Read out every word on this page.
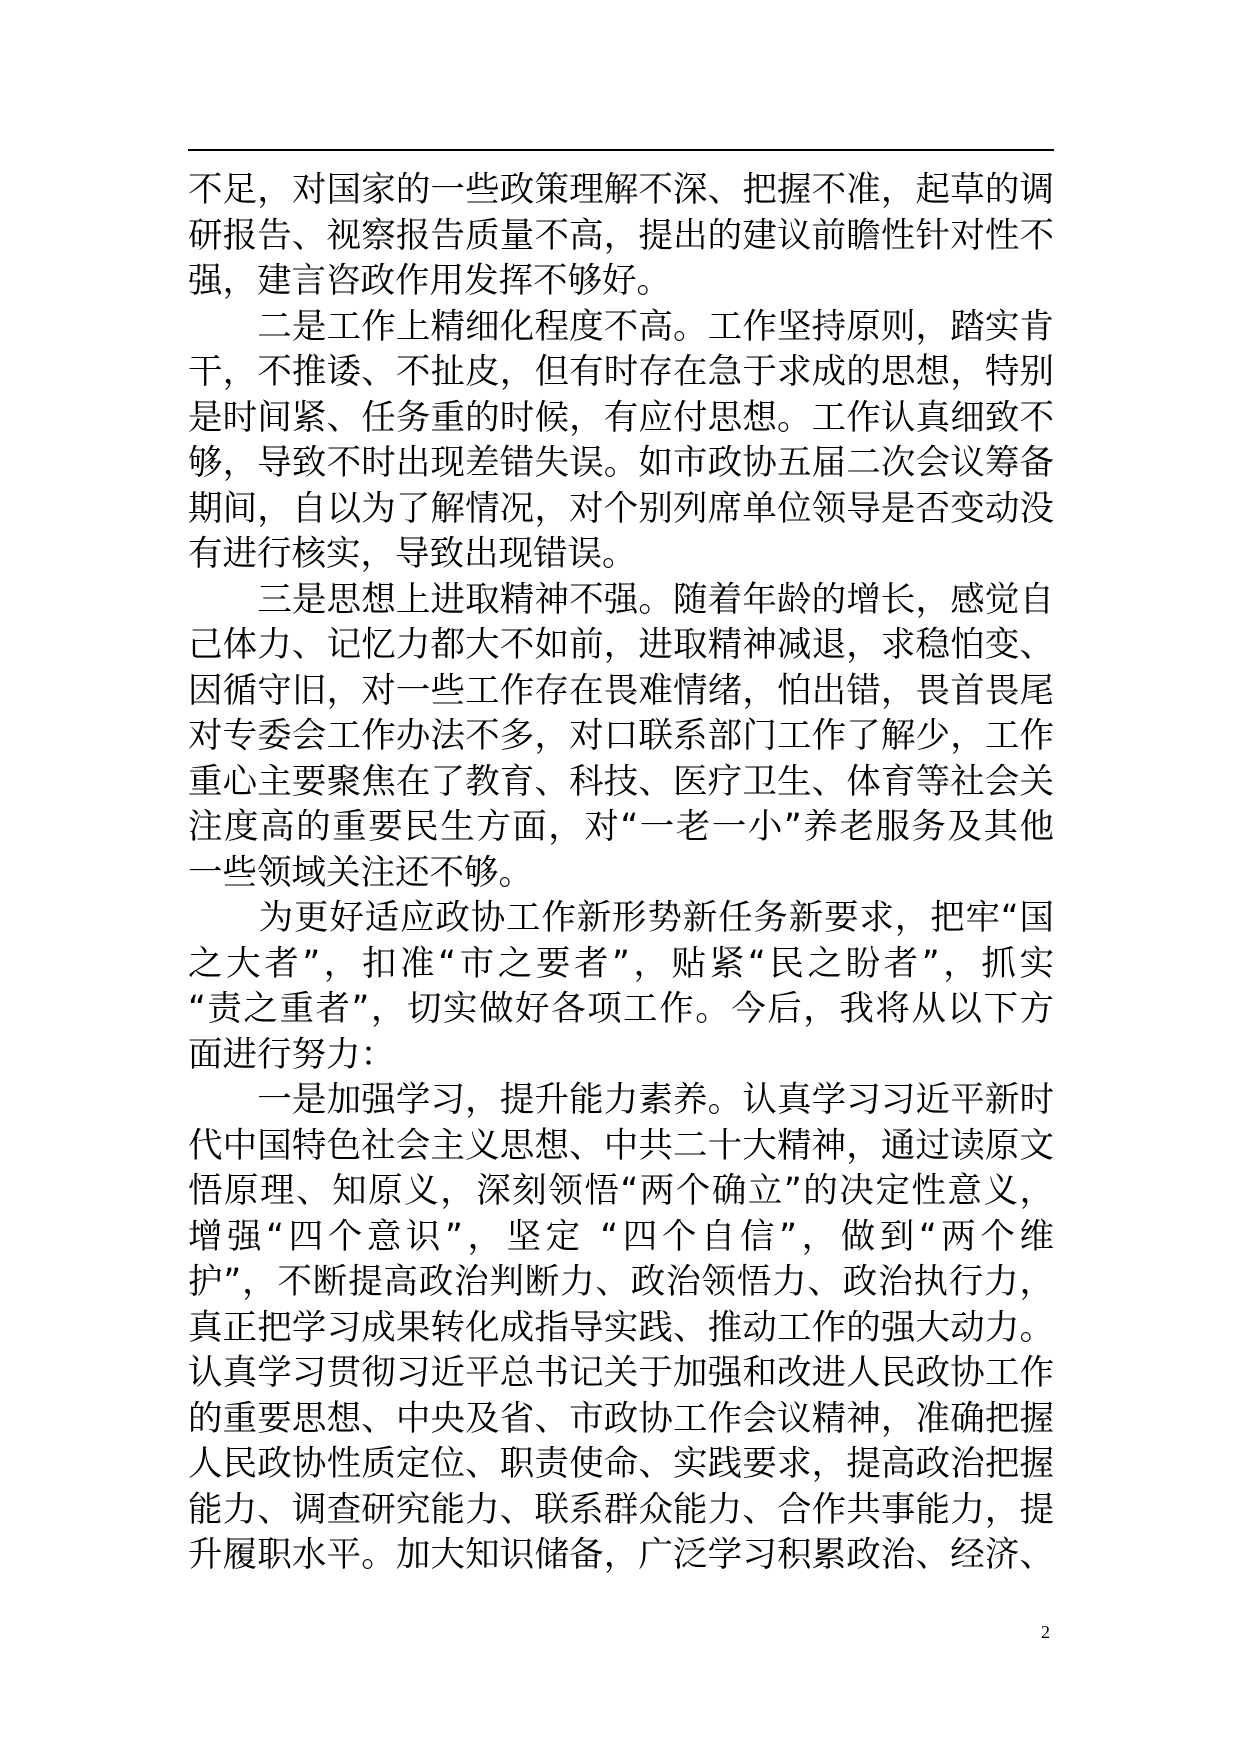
不足，对国家的一些政策理解不深、把握不准，起草的调
研报告、视察报告质量不高，提出的建议前瞻性针对性不
强，建言咨政作用发挥不够好。
　　二是工作上精细化程度不高。工作坚持原则，踏实肯
干，不推诿、不扯皮，但有时存在急于求成的思想，特别
是时间紧、任务重的时候，有应付思想。工作认真细致不
够，导致不时出现差错失误。如市政协五届二次会议筹备
期间，自以为了解情况，对个别列席单位领导是否变动没
有进行核实，导致出现错误。
　　三是思想上进取精神不强。随着年龄的增长，感觉自
己体力、记忆力都大不如前，进取精神减退，求稳怕变、
因循守旧，对一些工作存在畏难情绪，怕出错，畏首畏尾
对专委会工作办法不多，对口联系部门工作了解少，工作
重心主要聚焦在了教育、科技、医疗卫生、体育等社会关
注度高的重要民生方面，对“一老一小”养老服务及其他
一些领域关注还不够。
　　为更好适应政协工作新形势新任务新要求，把牢“国
之大者”，扣准“市之要者”，贴紧“民之盼者”，抓实
“责之重者”，切实做好各项工作。今后，我将从以下方
面进行努力：
　　一是加强学习，提升能力素养。认真学习习近平新时
代中国特色社会主义思想、中共二十大精神，通过读原文
悟原理、知原义，深刻领悟“两个确立”的决定性意义，
增强“四个意识”，坚定 “四个自信”，做到“两个维
护”，不断提高政治判断力、政治领悟力、政治执行力，
真正把学习成果转化成指导实践、推动工作的强大动力。
认真学习贯彻习近平总书记关于加强和改进人民政协工作
的重要思想、中央及省、市政协工作会议精神，准确把握
人民政协性质定位、职责使命、实践要求，提高政治把握
能力、调查研究能力、联系群众能力、合作共事能力，提
升履职水平。加大知识储备，广泛学习积累政治、经济、
2
